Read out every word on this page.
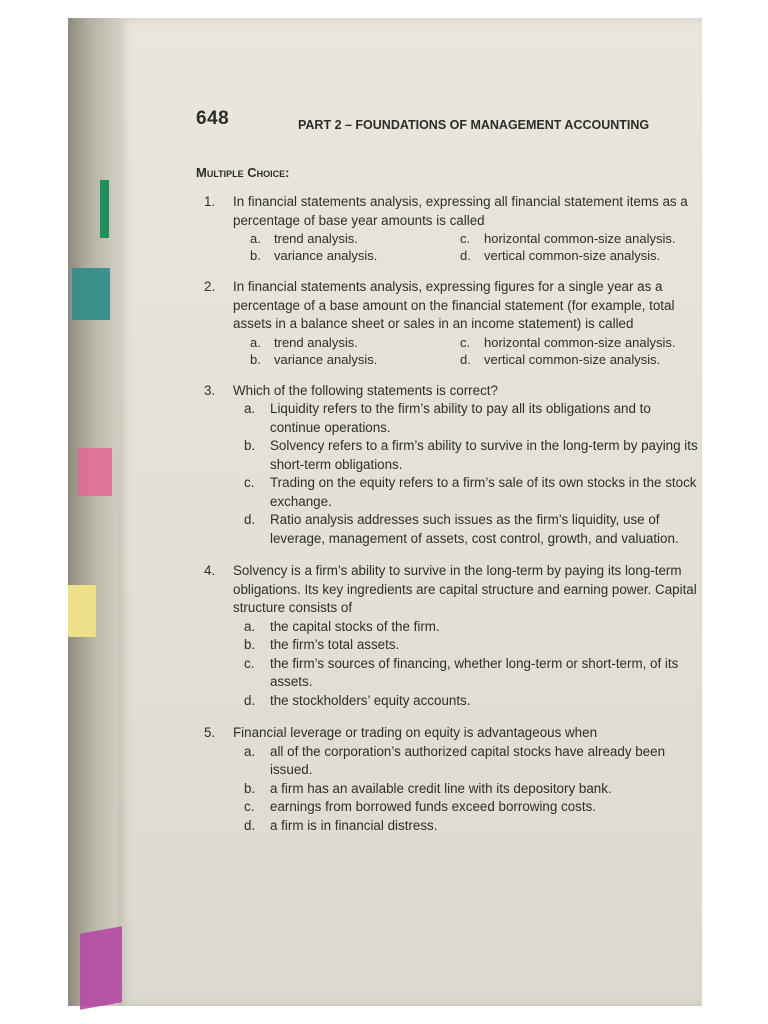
648	PART 2 – FOUNDATIONS OF MANAGEMENT ACCOUNTING
Multiple Choice:
1.	In financial statements analysis, expressing all financial statement items as a percentage of base year amounts is called
a.	trend analysis.	c.	horizontal common-size analysis.
b.	variance analysis.	d.	vertical common-size analysis.
2.	In financial statements analysis, expressing figures for a single year as a percentage of a base amount on the financial statement (for example, total assets in a balance sheet or sales in an income statement) is called
a.	trend analysis.	c.	horizontal common-size analysis.
b.	variance analysis.	d.	vertical common-size analysis.
3.	Which of the following statements is correct?
a.	Liquidity refers to the firm’s ability to pay all its obligations and to continue operations.
b.	Solvency refers to a firm’s ability to survive in the long-term by paying its short-term obligations.
c.	Trading on the equity refers to a firm’s sale of its own stocks in the stock exchange.
d.	Ratio analysis addresses such issues as the firm’s liquidity, use of leverage, management of assets, cost control, growth, and valuation.
4.	Solvency is a firm’s ability to survive in the long-term by paying its long-term obligations. Its key ingredients are capital structure and earning power. Capital structure consists of
a.	the capital stocks of the firm.
b.	the firm’s total assets.
c.	the firm’s sources of financing, whether long-term or short-term, of its assets.
d.	the stockholders’ equity accounts.
5.	Financial leverage or trading on equity is advantageous when
a.	all of the corporation’s authorized capital stocks have already been issued.
b.	a firm has an available credit line with its depository bank.
c.	earnings from borrowed funds exceed borrowing costs.
d.	a firm is in financial distress.
